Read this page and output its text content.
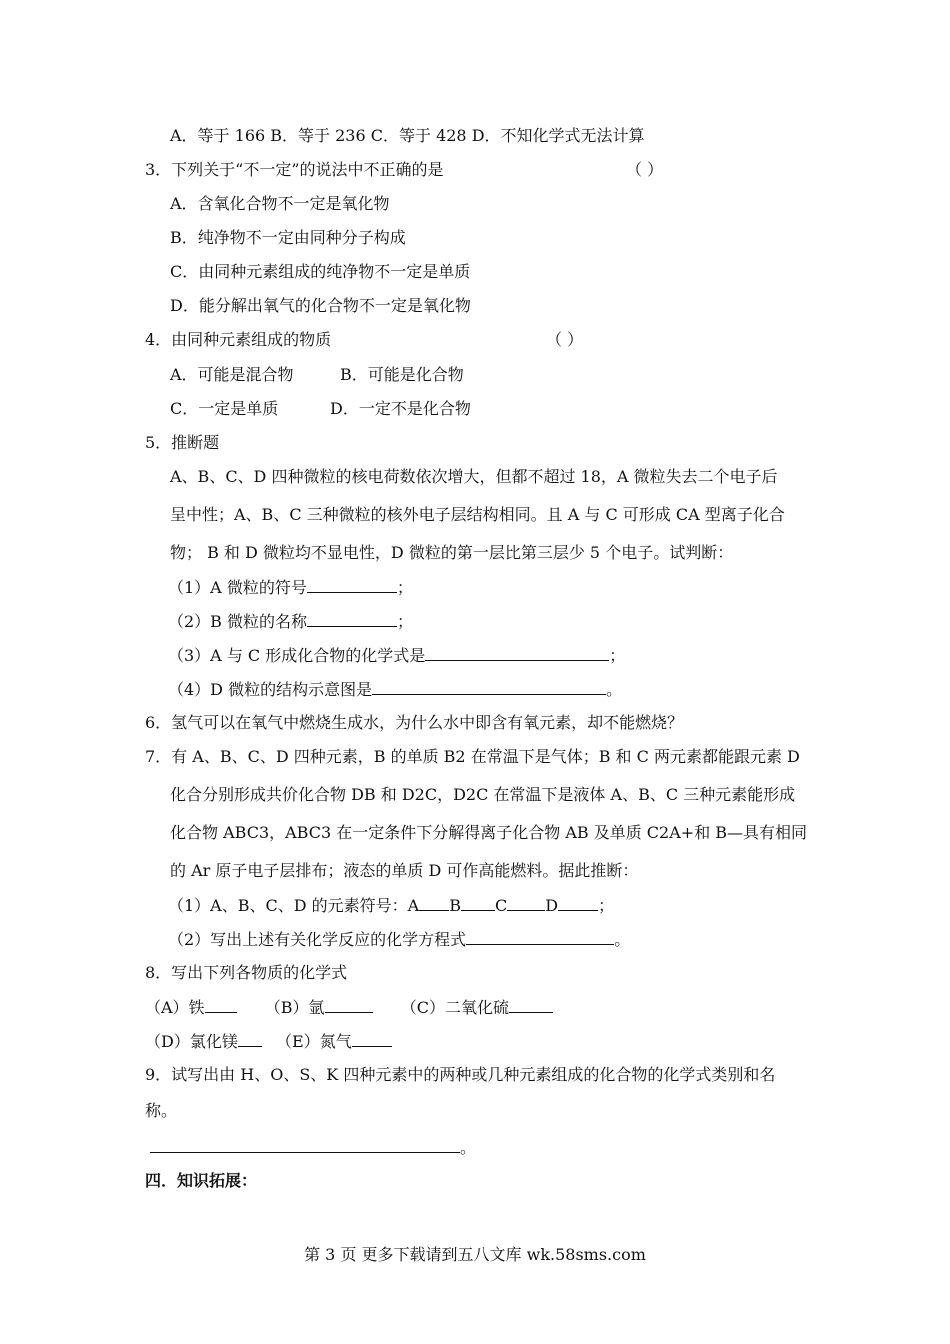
A．等于 166 B．等于 236 C．等于 428 D．不知化学式无法计算
3．下列关于“不一定”的说法中不正确的是	（ ）
A．含氧化合物不一定是氧化物
B．纯净物不一定由同种分子构成
C．由同种元素组成的纯净物不一定是单质
D．能分解出氧气的化合物不一定是氧化物
4．由同种元素组成的物质	（ ）
A．可能是混合物	B．可能是化合物
C．一定是单质	D．一定不是化合物
5．推断题
A、B、C、D 四种微粒的核电荷数依次增大，但都不超过 18，A 微粒失去二个电子后
呈中性；A、B、C 三种微粒的核外电子层结构相同。且 A 与 C 可形成 CA 型离子化合
物； B 和 D 微粒均不显电性，D 微粒的第一层比第三层少 5 个电子。试判断：
（1）A 微粒的符号	；
（2）B 微粒的名称	；
（3）A 与 C 形成化合物的化学式是	；
（4）D 微粒的结构示意图是	。
6．氢气可以在氧气中燃烧生成水，为什么水中即含有氧元素，却不能燃烧？
7．有 A、B、C、D 四种元素，B 的单质 B2 在常温下是气体；B 和 C 两元素都能跟元素 D
化合分别形成共价化合物 DB 和 D2C，D2C 在常温下是液体 A、B、C 三种元素能形成
化合物 ABC3，ABC3 在一定条件下分解得离子化合物 AB 及单质 C2A+和 B—具有相同
的 Ar 原子电子层排布；液态的单质 D 可作高能燃料。据此推断：
（1）A、B、C、D 的元素符号：A B C D	；
（2）写出上述有关化学反应的化学方程式	。
8．写出下列各物质的化学式
（A）铁	（B）氩	（C）二氧化硫
（D）氯化镁 （E）氮气
9．试写出由 H、O、S、K 四种元素中的两种或几种元素组成的化合物的化学式类别和名
称。
。
四．知识拓展：
第 3 页 更多下载请到五八文库 wk.58sms.com
